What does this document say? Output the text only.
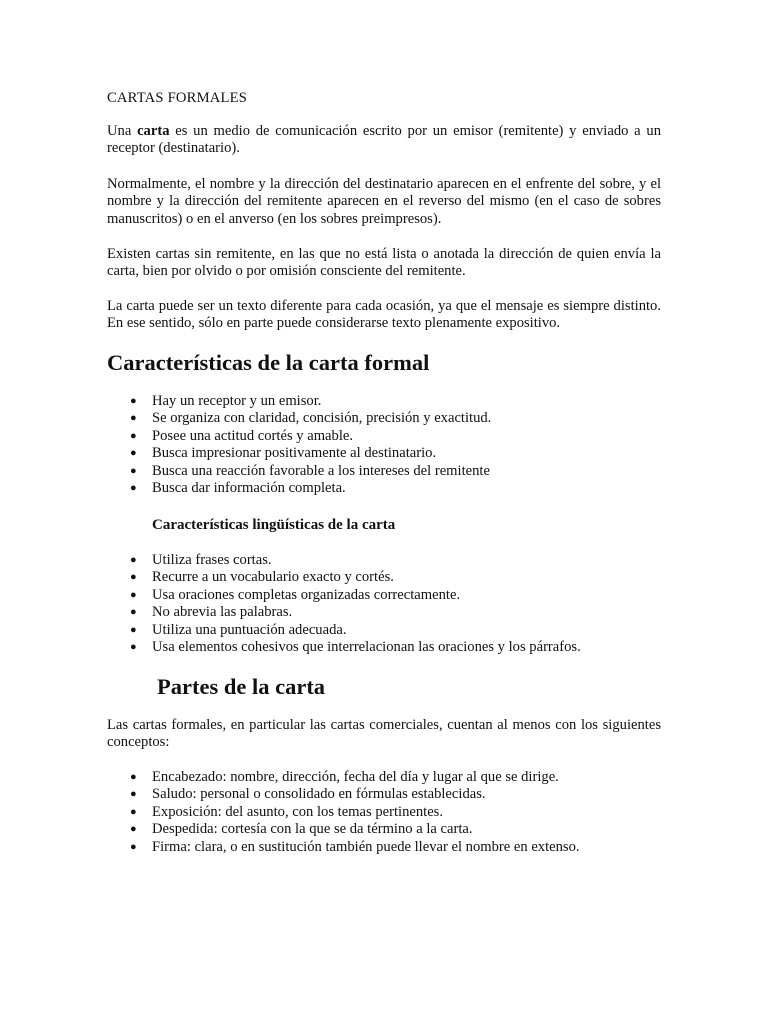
CARTAS FORMALES

Una carta es un medio de comunicación escrito por un emisor (remitente) y enviado a un receptor (destinatario).

Normalmente, el nombre y la dirección del destinatario aparecen en el enfrente del sobre, y el nombre y la dirección del remitente aparecen en el reverso del mismo (en el caso de sobres manuscritos) o en el anverso (en los sobres preimpresos).

Existen cartas sin remitente, en las que no está lista o anotada la dirección de quien envía la carta, bien por olvido o por omisión consciente del remitente.

La carta puede ser un texto diferente para cada ocasión, ya que el mensaje es siempre distinto. En ese sentido, sólo en parte puede considerarse texto plenamente expositivo.

Características de la carta formal
● Hay un receptor y un emisor.
● Se organiza con claridad, concisión, precisión y exactitud.
● Posee una actitud cortés y amable.
● Busca impresionar positivamente al destinatario.
● Busca una reacción favorable a los intereses del remitente
● Busca dar información completa.
Características lingüísticas de la carta
● Utiliza frases cortas.
● Recurre a un vocabulario exacto y cortés.
● Usa oraciones completas organizadas correctamente.
● No abrevia las palabras.
● Utiliza una puntuación adecuada.
● Usa elementos cohesivos que interrelacionan las oraciones y los párrafos.
Partes de la carta

Las cartas formales, en particular las cartas comerciales, cuentan al menos con los siguientes conceptos:

● Encabezado: nombre, dirección, fecha del día y lugar al que se dirige.
● Saludo: personal o consolidado en fórmulas establecidas.
● Exposición: del asunto, con los temas pertinentes.
● Despedida: cortesía con la que se da término a la carta.
● Firma: clara, o en sustitución también puede llevar el nombre en extenso.
